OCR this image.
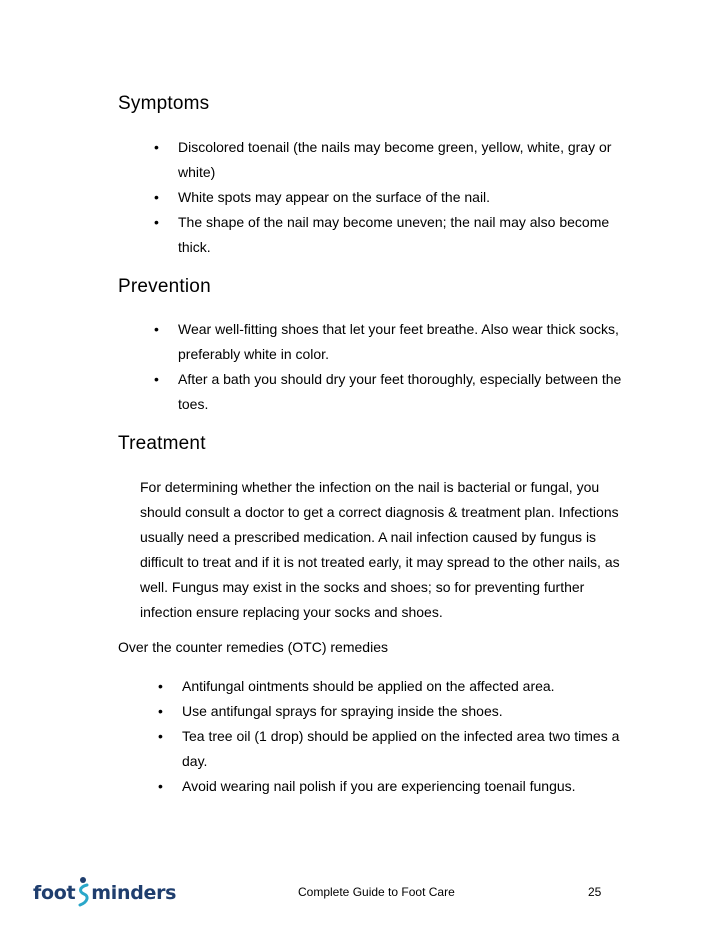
Symptoms
• Discolored toenail (the nails may become green, yellow, white, gray or white)
• White spots may appear on the surface of the nail.
• The shape of the nail may become uneven; the nail may also become thick.
Prevention
• Wear well-fitting shoes that let your feet breathe. Also wear thick socks, preferably white in color.
• After a bath you should dry your feet thoroughly, especially between the toes.
Treatment

For determining whether the infection on the nail is bacterial or fungal, you should consult a doctor to get a correct diagnosis & treatment plan. Infections usually need a prescribed medication. A nail infection caused by fungus is difficult to treat and if it is not treated early, it may spread to the other nails, as well. Fungus may exist in the socks and shoes; so for preventing further infection ensure replacing your socks and shoes.

Over the counter remedies (OTC) remedies

• Antifungal ointments should be applied on the affected area.
• Use antifungal sprays for spraying inside the shoes.
• Tea tree oil (1 drop) should be applied on the infected area two times a day.
• Avoid wearing nail polish if you are experiencing toenail fungus.
foot minders	Complete Guide to Foot Care	25
